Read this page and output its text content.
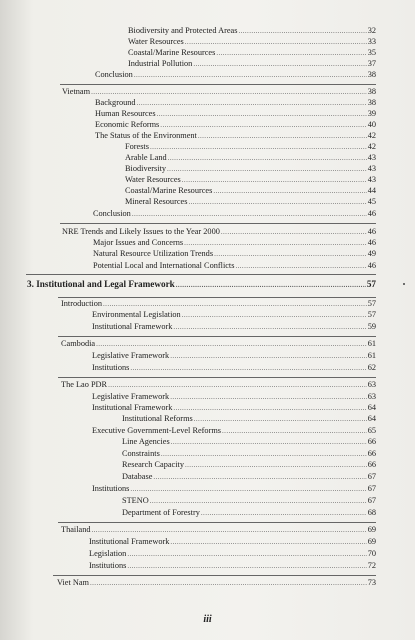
Biodiversity and Protected Areas .....	32
Water Resources .....	33
Coastal/Marine Resources .....	35
Industrial Pollution .....	37
Conclusion .....	38
Vietnam .....	38
Background .....	38
Human Resources .....	39
Economic Reforms .....	40
The Status of the Environment .....	42
Forests .....	42
Arable Land .....	43
Biodiversity .....	43
Water Resources .....	43
Coastal/Marine Resources .....	44
Mineral Resources .....	45
Conclusion .....	46
NRE Trends and Likely Issues to the Year 2000 .....	46
Major Issues and Concerns .....	46
Natural Resource Utilization Trends .....	49
Potential Local and International Conflicts .....	46
3. Institutional and Legal Framework .....	57
Introduction .....	57
Environmental Legislation .....	57
Institutional Framework .....	59
Cambodia .....	61
Legislative Framework .....	61
Institutions .....	62
The Lao PDR .....	63
Legislative Framework .....	63
Institutional Framework .....	64
Institutional Reforms .....	64
Executive Government-Level Reforms .....	65
Line Agencies .....	66
Constraints .....	66
Research Capacity .....	66
Database .....	67
Institutions .....	67
STENO .....	67
Department of Forestry .....	68
Thailand .....	69
Institutional Framework .....	69
Legislation .....	70
Institutions .....	72
Viet Nam .....	73
iii
